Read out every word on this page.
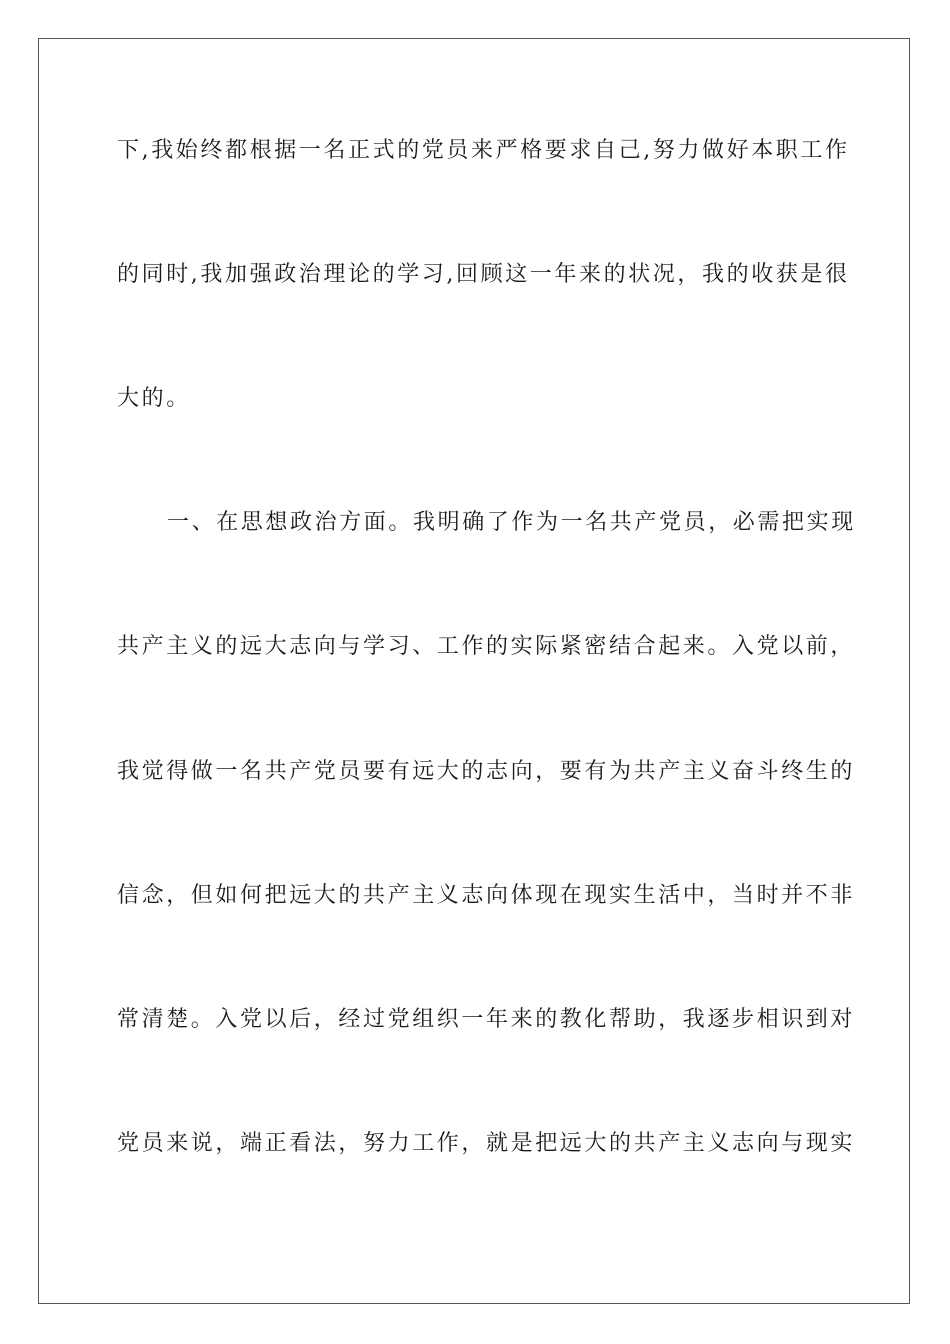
下,我始终都根据一名正式的党员来严格要求自己,努力做好本职工作
的同时,我加强政治理论的学习,回顾这一年来的状况，我的收获是很
大的。
一、在思想政治方面。我明确了作为一名共产党员，必需把实现
共产主义的远大志向与学习、工作的实际紧密结合起来。入党以前，
我觉得做一名共产党员要有远大的志向，要有为共产主义奋斗终生的
信念，但如何把远大的共产主义志向体现在现实生活中，当时并不非
常清楚。入党以后，经过党组织一年来的教化帮助，我逐步相识到对
党员来说，端正看法，努力工作，就是把远大的共产主义志向与现实
